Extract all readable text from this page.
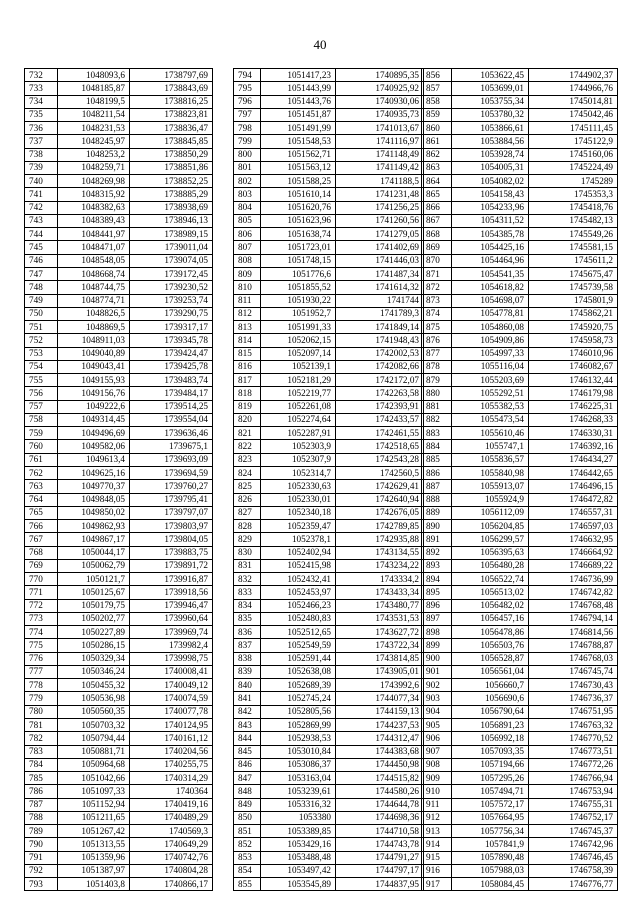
40
732	1048093,6	1738797,69
733	1048185,87	1738843,69
734	1048199,5	1738816,25
735	1048211,54	1738823,81
736	1048231,53	1738836,47
737	1048245,97	1738845,85
738	1048253,2	1738850,29
739	1048259,71	1738851,86
740	1048269,98	1738852,25
741	1048315,92	1738885,29
742	1048382,63	1738938,69
743	1048389,43	1738946,13
744	1048441,97	1738989,15
745	1048471,07	1739011,04
746	1048548,05	1739074,05
747	1048668,74	1739172,45
748	1048744,75	1739230,52
749	1048774,71	1739253,74
750	1048826,5	1739290,75
751	1048869,5	1739317,17
752	1048911,03	1739345,78
753	1049040,89	1739424,47
754	1049043,41	1739425,78
755	1049155,93	1739483,74
756	1049156,76	1739484,17
757	1049222,6	1739514,25
758	1049314,45	1739554,04
759	1049496,69	1739636,46
760	1049582,06	1739675,1
761	1049613,4	1739693,09
762	1049625,16	1739694,59
763	1049770,37	1739760,27
764	1049848,05	1739795,41
765	1049850,02	1739797,07
766	1049862,93	1739803,97
767	1049867,17	1739804,05
768	1050044,17	1739883,75
769	1050062,79	1739891,72
770	1050121,7	1739916,87
771	1050125,67	1739918,56
772	1050179,75	1739946,47
773	1050202,77	1739960,64
774	1050227,89	1739969,74
775	1050286,15	1739982,4
776	1050329,34	1739998,75
777	1050346,24	1740008,41
778	1050455,32	1740049,12
779	1050536,98	1740074,59
780	1050560,35	1740077,78
781	1050703,32	1740124,95
782	1050794,44	1740161,12
783	1050881,71	1740204,56
784	1050964,68	1740255,75
785	1051042,66	1740314,29
786	1051097,33	1740364
787	1051152,94	1740419,16
788	1051211,65	1740489,29
789	1051267,42	1740569,3
790	1051313,55	1740649,29
791	1051359,96	1740742,76
792	1051387,97	1740804,28
793	1051403,8	1740866,17
794	1051417,23	1740895,35
795	1051443,99	1740925,92
796	1051443,76	1740930,06
797	1051451,87	1740935,73
798	1051491,99	1741013,67
799	1051548,53	1741116,97
800	1051562,71	1741148,49
801	1051563,12	1741149,42
802	1051588,25	1741188,5
803	1051610,14	1741231,48
804	1051620,76	1741256,25
805	1051623,96	1741260,56
806	1051638,74	1741279,05
807	1051723,01	1741402,69
808	1051748,15	1741446,03
809	1051776,6	1741487,34
810	1051855,52	1741614,32
811	1051930,22	1741744
812	1051952,7	1741789,3
813	1051991,33	1741849,14
814	1052062,15	1741948,43
815	1052097,14	1742002,53
816	1052139,1	1742082,66
817	1052181,29	1742172,07
818	1052219,77	1742263,58
819	1052261,08	1742393,91
820	1052274,64	1742433,57
821	1052287,91	1742461,55
822	1052303,9	1742518,65
823	1052307,9	1742543,28
824	1052314,7	1742560,5
825	1052330,63	1742629,41
826	1052330,01	1742640,94
827	1052340,18	1742676,05
828	1052359,47	1742789,85
829	1052378,1	1742935,88
830	1052402,94	1743134,55
831	1052415,98	1743234,22
832	1052432,41	1743334,2
833	1052453,97	1743433,34
834	1052466,23	1743480,77
835	1052480,83	1743531,53
836	1052512,65	1743627,72
837	1052549,59	1743722,34
838	1052591,44	1743814,85
839	1052638,08	1743905,01
840	1052689,39	1743992,6
841	1052745,24	1744077,34
842	1052805,56	1744159,13
843	1052869,99	1744237,53
844	1052938,53	1744312,47
845	1053010,84	1744383,68
846	1053086,37	1744450,98
847	1053163,04	1744515,82
848	1053239,61	1744580,26
849	1053316,32	1744644,78
850	1053380	1744698,36
851	1053389,85	1744710,58
852	1053429,16	1744743,78
853	1053488,48	1744791,27
854	1053497,42	1744797,17
855	1053545,89	1744837,95
856	1053622,45	1744902,37
857	1053699,01	1744966,76
858	1053755,34	1745014,81
859	1053780,32	1745042,46
860	1053866,61	1745111,45
861	1053884,56	1745122,9
862	1053928,74	1745160,06
863	1054005,31	1745224,49
864	1054082,02	1745289
865	1054158,43	1745353,3
866	1054233,96	1745418,76
867	1054311,52	1745482,13
868	1054385,78	1745549,26
869	1054425,16	1745581,15
870	1054464,96	1745611,2
871	1054541,35	1745675,47
872	1054618,82	1745739,58
873	1054698,07	1745801,9
874	1054778,81	1745862,21
875	1054860,08	1745920,75
876	1054909,86	1745958,73
877	1054997,33	1746010,96
878	1055116,04	1746082,67
879	1055203,69	1746132,44
880	1055292,51	1746179,98
881	1055382,53	1746225,31
882	1055473,54	1746268,33
883	1055610,46	1746330,31
884	1055747,1	1746392,16
885	1055836,57	1746434,27
886	1055840,98	1746442,65
887	1055913,07	1746496,15
888	1055924,9	1746472,82
889	1056112,09	1746557,31
890	1056204,85	1746597,03
891	1056299,57	1746632,95
892	1056395,63	1746664,92
893	1056480,28	1746689,22
894	1056522,74	1746736,99
895	1056513,02	1746742,82
896	1056482,02	1746768,48
897	1056457,16	1746794,14
898	1056478,86	1746814,56
899	1056503,76	1746788,87
900	1056528,87	1746768,03
901	1056561,04	1746745,74
902	1056660,7	1746730,43
903	1056690,6	1746736,37
904	1056790,64	1746751,95
905	1056891,23	1746763,32
906	1056992,18	1746770,52
907	1057093,35	1746773,51
908	1057194,66	1746772,26
909	1057295,26	1746766,94
910	1057494,71	1746753,94
911	1057572,17	1746755,31
912	1057664,95	1746752,17
913	1057756,34	1746745,37
914	1057841,9	1746742,96
915	1057890,48	1746746,45
916	1057988,03	1746758,39
917	1058084,45	1746776,77
